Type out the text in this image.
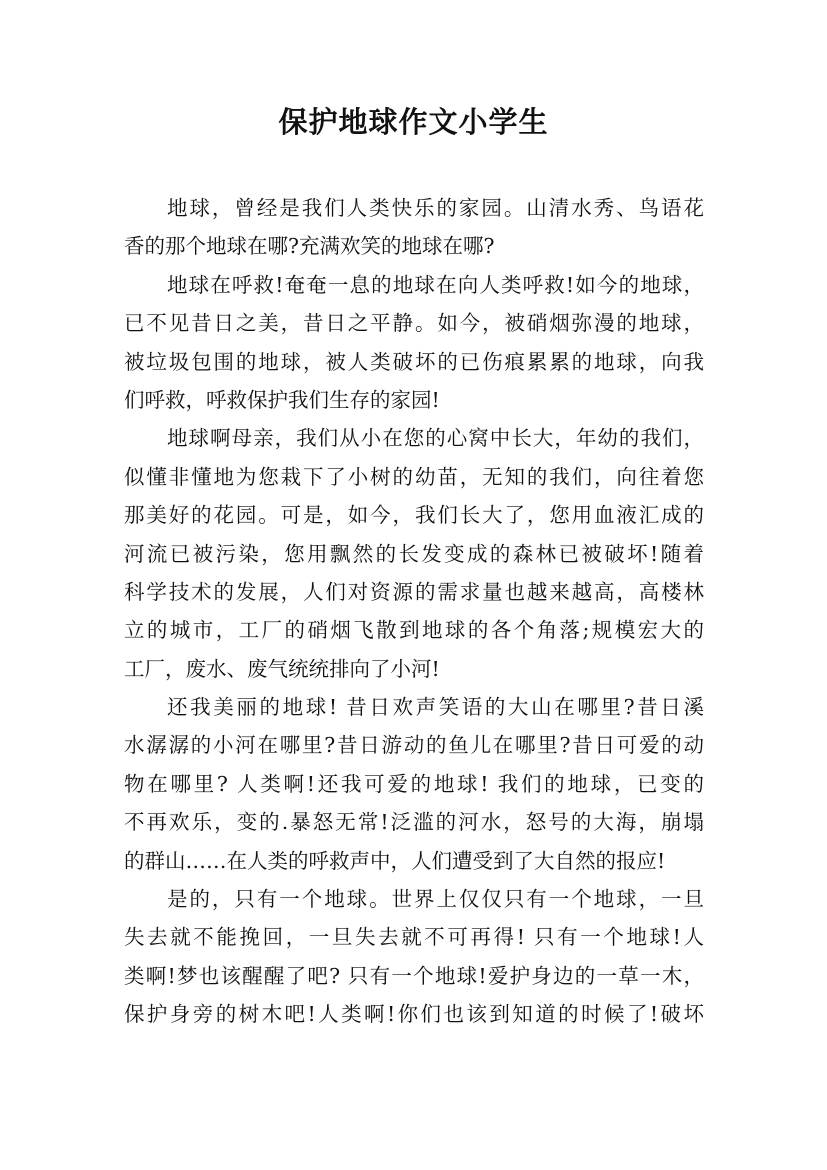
保护地球作文小学生
地球，曾经是我们人类快乐的家园。山清水秀、鸟语花
香的那个地球在哪?充满欢笑的地球在哪?
地球在呼救!奄奄一息的地球在向人类呼救!如今的地球，
已不见昔日之美，昔日之平静。如今，被硝烟弥漫的地球，
被垃圾包围的地球，被人类破坏的已伤痕累累的地球，向我
们呼救，呼救保护我们生存的家园!
地球啊母亲，我们从小在您的心窝中长大，年幼的我们，
似懂非懂地为您栽下了小树的幼苗，无知的我们，向往着您
那美好的花园。可是，如今，我们长大了，您用血液汇成的
河流已被污染，您用飘然的长发变成的森林已被破坏!随着
科学技术的发展，人们对资源的需求量也越来越高，高楼林
立的城市，工厂的硝烟飞散到地球的各个角落;规模宏大的
工厂，废水、废气统统排向了小河!
还我美丽的地球! 昔日欢声笑语的大山在哪里?昔日溪
水潺潺的小河在哪里?昔日游动的鱼儿在哪里?昔日可爱的动
物在哪里? 人类啊!还我可爱的地球! 我们的地球，已变的
不再欢乐，变的.暴怒无常!泛滥的河水，怒号的大海，崩塌
的群山……在人类的呼救声中，人们遭受到了大自然的报应!
是的，只有一个地球。世界上仅仅只有一个地球，一旦
失去就不能挽回，一旦失去就不可再得! 只有一个地球!人
类啊!梦也该醒醒了吧? 只有一个地球!爱护身边的一草一木，
保护身旁的树木吧!人类啊!你们也该到知道的时候了!破坏
